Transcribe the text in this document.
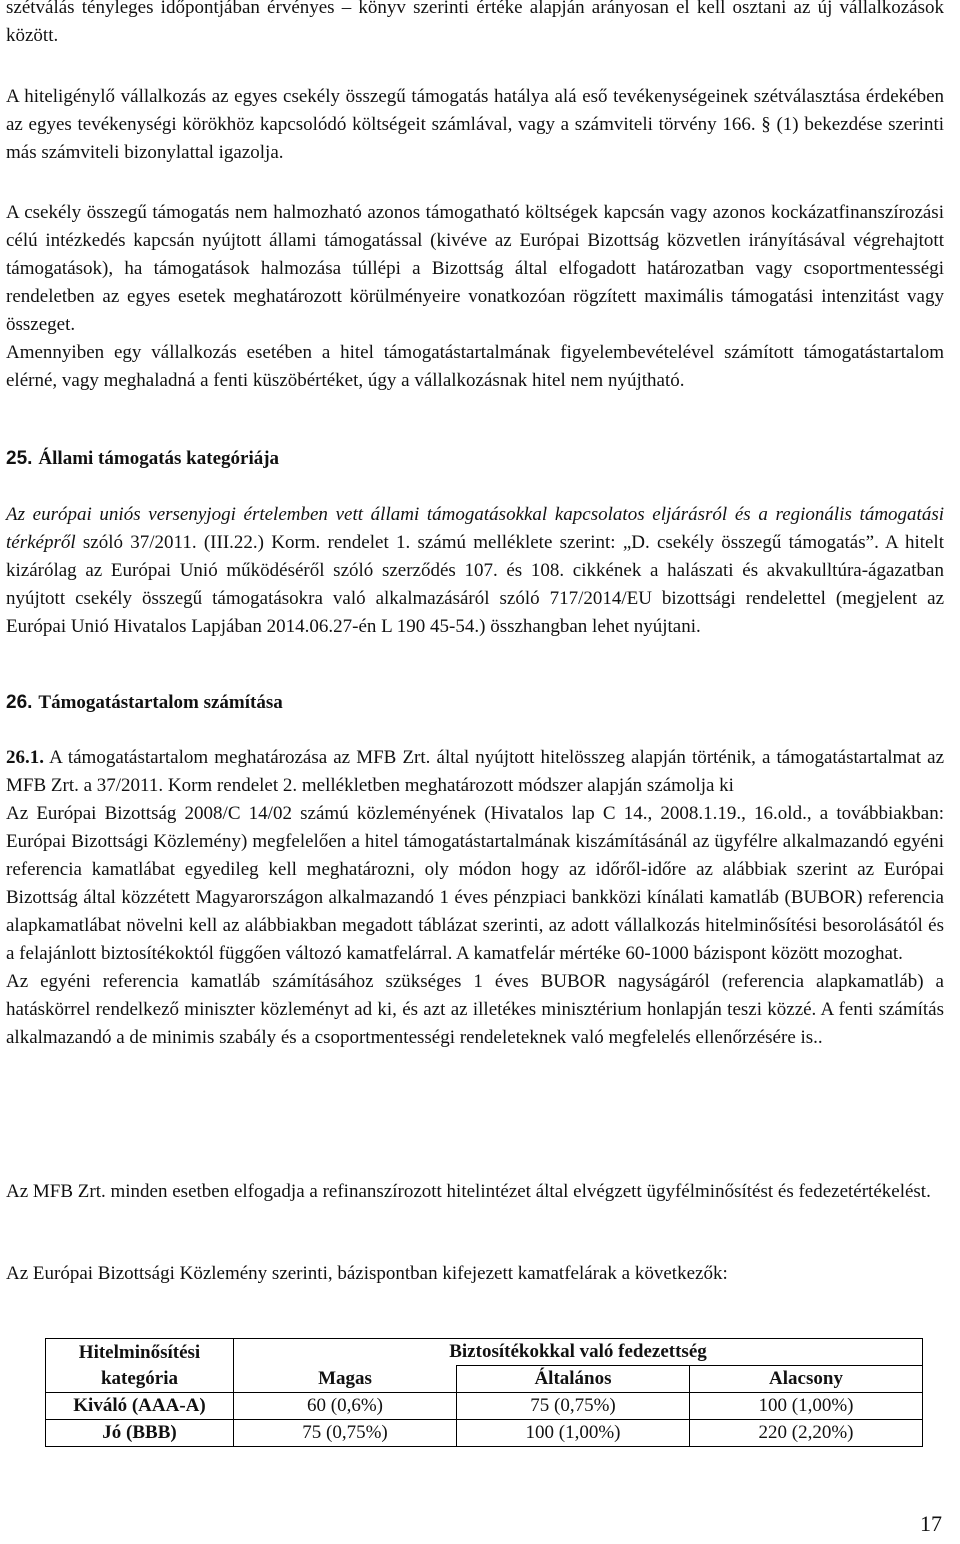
szétválás tényleges időpontjában érvényes – könyv szerinti értéke alapján arányosan el kell osztani az új vállalkozások között.

A hiteligénylő vállalkozás az egyes csekély összegű támogatás hatálya alá eső tevékenységeinek szétválasztása érdekében az egyes tevékenységi körökhöz kapcsolódó költségeit számlával, vagy a számviteli törvény 166. § (1) bekezdése szerinti más számviteli bizonylattal igazolja.

A csekély összegű támogatás nem halmozható azonos támogatható költségek kapcsán vagy azonos kockázatfinanszírozási célú intézkedés kapcsán nyújtott állami támogatással (kivéve az Európai Bizottság közvetlen irányításával végrehajtott támogatások), ha támogatások halmozása túllépi a Bizottság által elfogadott határozatban vagy csoportmentességi rendeletben az egyes esetek meghatározott körülményeire vonatkozóan rögzített maximális támogatási intenzitást vagy összeget.

Amennyiben egy vállalkozás esetében a hitel támogatástartalmának figyelembevételével számított támogatástartalom elérné, vagy meghaladná a fenti küszöbértéket, úgy a vállalkozásnak hitel nem nyújtható.

25. Állami támogatás kategóriája

Az európai uniós versenyjogi értelemben vett állami támogatásokkal kapcsolatos eljárásról és a regionális támogatási térképről szóló 37/2011. (III.22.) Korm. rendelet 1. számú melléklete szerint: „D. csekély összegű támogatás”. A hitelt kizárólag az Európai Unió működéséről szóló szerződés 107. és 108. cikkének a halászati és akvakulltúra-ágazatban nyújtott csekély összegű támogatásokra való alkalmazásáról szóló 717/2014/EU bizottsági rendelettel (megjelent az Európai Unió Hivatalos Lapjában 2014.06.27-én L 190 45-54.) összhangban lehet nyújtani.

26. Támogatástartalom számítása

26.1. A támogatástartalom meghatározása az MFB Zrt. által nyújtott hitelösszeg alapján történik, a támogatástartalmat az MFB Zrt. a 37/2011. Korm rendelet 2. mellékletben meghatározott módszer alapján számolja ki

Az Európai Bizottság 2008/C 14/02 számú közleményének (Hivatalos lap C 14., 2008.1.19., 16.old., a továbbiakban: Európai Bizottsági Közlemény) megfelelően a hitel támogatástartalmának kiszámításánál az ügyfélre alkalmazandó egyéni referencia kamatlábat egyedileg kell meghatározni, oly módon hogy az időről-időre az alábbiak szerint az Európai Bizottság által közzétett Magyarországon alkalmazandó 1 éves pénzpiaci bankközi kínálati kamatláb (BUBOR) referencia alapkamatlábat növelni kell az alábbiakban megadott táblázat szerinti, az adott vállalkozás hitelminősítési besorolásától és a felajánlott biztosítékoktól függően változó kamatfelárral. A kamatfelár mértéke 60-1000 bázispont között mozoghat.

Az egyéni referencia kamatláb számításához szükséges 1 éves BUBOR nagyságáról (referencia alapkamatláb) a hatáskörrel rendelkező miniszter közleményt ad ki, és azt az illetékes minisztérium honlapján teszi közzé. A fenti számítás alkalmazandó a de minimis szabály és a csoportmentességi rendeleteknek való megfelelés ellenőrzésére is..

Az MFB Zrt. minden esetben elfogadja a refinanszírozott hitelintézet által elvégzett ügyfélminősítést és fedezetértékelést.

Az Európai Bizottsági Közlemény szerinti, bázispontban kifejezett kamatfelárak a következők:

Hitelminősítési
kategória	Biztosítékokkal való fedezettség		
	Magas	Általános	Alacsony
Kiváló (AAA-A)	60 (0,6%)	75 (0,75%)	100 (1,00%)
Jó (BBB)	75 (0,75%)	100 (1,00%)	220 (2,20%)
17
